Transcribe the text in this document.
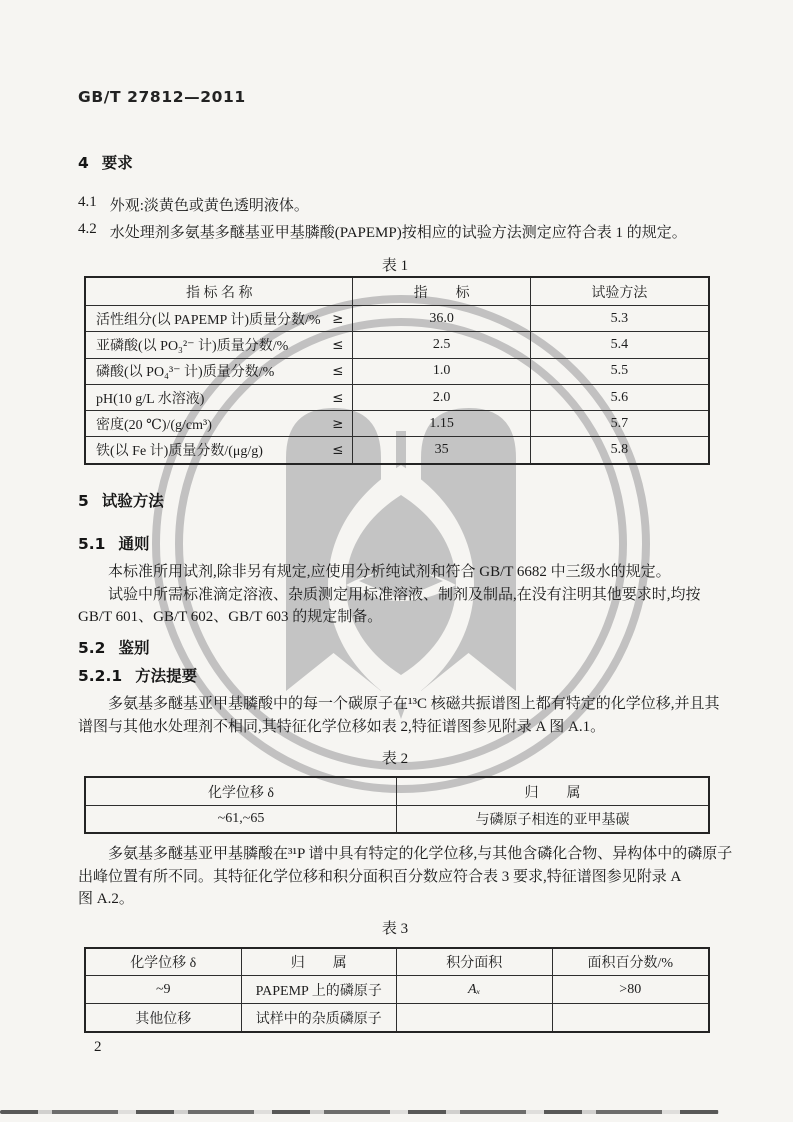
GB/T 27812—2011
4 要求
4.1 外观:淡黄色或黄色透明液体。
4.2 水处理剂多氨基多醚基亚甲基膦酸(PAPEMP)按相应的试验方法测定应符合表 1 的规定。
表 1
指 标 名 称	指　　标	试验方法
活性组分(以 PAPEMP 计)质量分数/% ≥	36.0	5.3
亚磷酸(以 PO₃²⁻ 计)质量分数/%	≤	2.5	5.4
磷酸(以 PO₄³⁻ 计)质量分数/%	≤	1.0	5.5
pH(10 g/L 水溶液)	≤	2.0	5.6
密度(20 ℃)/(g/cm³)	≥	1.15	5.7
铁(以 Fe 计)质量分数/(μg/g)	≤	35	5.8
5 试验方法
5.1 通则
本标准所用试剂,除非另有规定,应使用分析纯试剂和符合 GB/T 6682 中三级水的规定。
试验中所需标准滴定溶液、杂质测定用标准溶液、制剂及制品,在没有注明其他要求时,均按
GB/T 601、GB/T 602、GB/T 603 的规定制备。
5.2 鉴别
5.2.1 方法提要
多氨基多醚基亚甲基膦酸中的每一个碳原子在¹³C 核磁共振谱图上都有特定的化学位移,并且其
谱图与其他水处理剂不相同,其特征化学位移如表 2,特征谱图参见附录 A 图 A.1。
表 2
化学位移 δ	归　　属
~61,~65	与磷原子相连的亚甲基碳
多氨基多醚基亚甲基膦酸在³¹P 谱中具有特定的化学位移,与其他含磷化合物、异构体中的磷原子
出峰位置有所不同。其特征化学位移和积分面积百分数应符合表 3 要求,特征谱图参见附录 A
图 A.2。
表 3
化学位移 δ	归　　属	积分面积	面积百分数/%
~9	PAPEMP 上的磷原子	Aₓ	>80
其他位移	试样中的杂质磷原子
2
